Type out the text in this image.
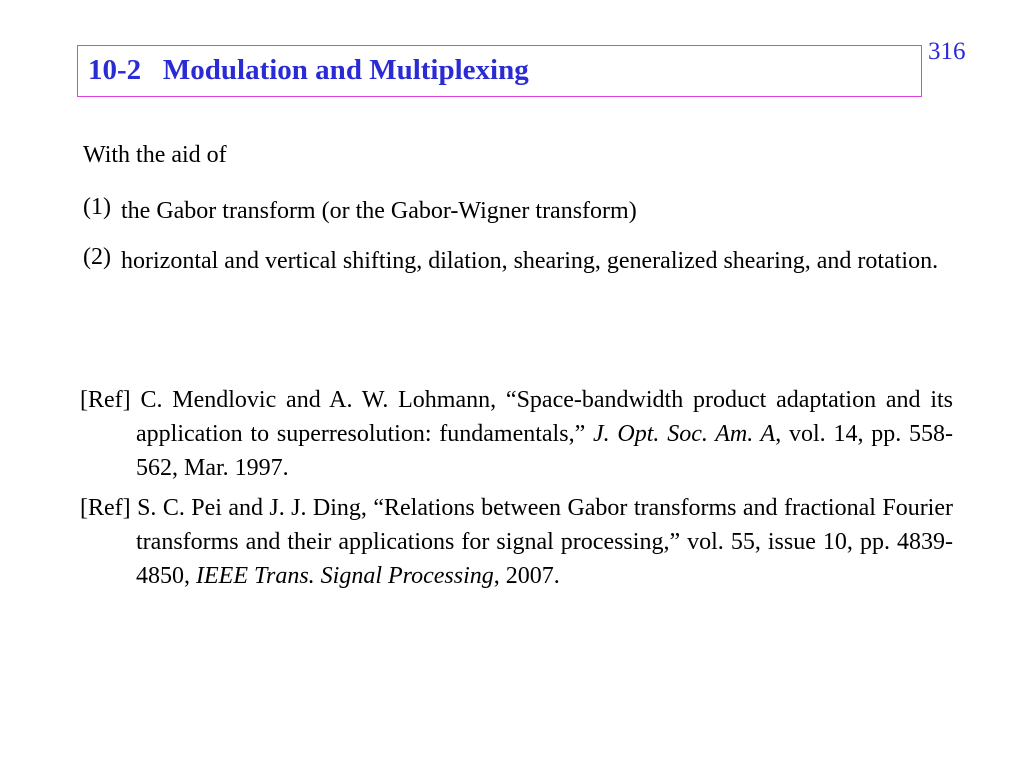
316
10-2   Modulation and Multiplexing
With the aid of
(1) the Gabor transform (or the Gabor-Wigner transform)
(2) horizontal and vertical shifting, dilation, shearing, generalized shearing, and rotation.
[Ref] C. Mendlovic and A. W. Lohmann, “Space-bandwidth product adaptation and its application to superresolution: fundamentals,” J. Opt. Soc. Am. A, vol. 14, pp. 558-562, Mar. 1997.
[Ref] S. C. Pei and J. J. Ding, “Relations between Gabor transforms and fractional Fourier transforms and their applications for signal processing,” vol. 55, issue 10, pp. 4839-4850, IEEE Trans. Signal Processing, 2007.
